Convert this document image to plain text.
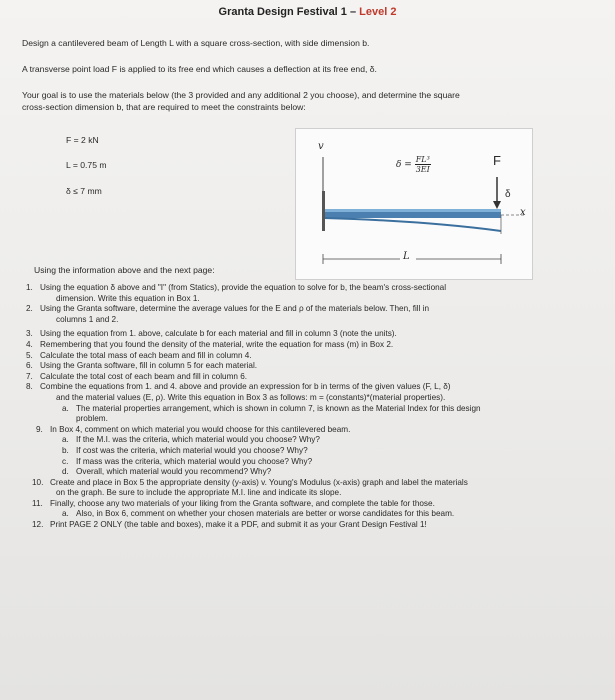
Granta Design Festival 1 – Level 2
Design a cantilevered beam of Length L with a square cross-section, with side dimension b.
A transverse point load F is applied to its free end which causes a deflection at its free end, δ.
Your goal is to use the materials below (the 3 provided and any additional 2 you choose), and determine the square
cross-section dimension b, that are required to meet the constraints below:
F = 2 kN
L = 0.75 m
δ ≤ 7 mm
v
$\delta = \frac{\text{FL³}}{3EI}$	F
δ
x
L
Using the information above and the next page:
1. Using the equation δ above and "I" (from Statics), provide the equation to solve for b, the beam's cross-sectional
dimension. Write this equation in Box 1.
2. Using the Granta software, determine the average values for the E and ρ of the materials below. Then, fill in
columns 1 and 2.
3. Using the equation from 1. above, calculate b for each material and fill in column 3 (note the units).
4. Remembering that you found the density of the material, write the equation for mass (m) in Box 2.
5. Calculate the total mass of each beam and fill in column 4.
6. Using the Granta software, fill in column 5 for each material.
7. Calculate the total cost of each beam and fill in column 6.
8. Combine the equations from 1. and 4. above and provide an expression for b in terms of the given values (F, L, δ)
and the material values (E, ρ). Write this equation in Box 3 as follows: m = (constants)*(material properties).
a. The material properties arrangement, which is shown in column 7, is known as the Material Index for this design
problem.
9. In Box 4, comment on which material you would choose for this cantilevered beam.
a. If the M.I. was the criteria, which material would you choose? Why?
b. If cost was the criteria, which material would you choose? Why?
c. If mass was the criteria, which material would you choose? Why?
d. Overall, which material would you recommend? Why?
10. Create and place in Box 5 the appropriate density (y-axis) v. Young's Modulus (x-axis) graph and label the materials
on the graph. Be sure to include the appropriate M.I. line and indicate its slope.
11. Finally, choose any two materials of your liking from the Granta software, and complete the table for those.
a. Also, in Box 6, comment on whether your chosen materials are better or worse candidates for this beam.
12. Print PAGE 2 ONLY (the table and boxes), make it a PDF, and submit it as your Grant Design Festival 1!
